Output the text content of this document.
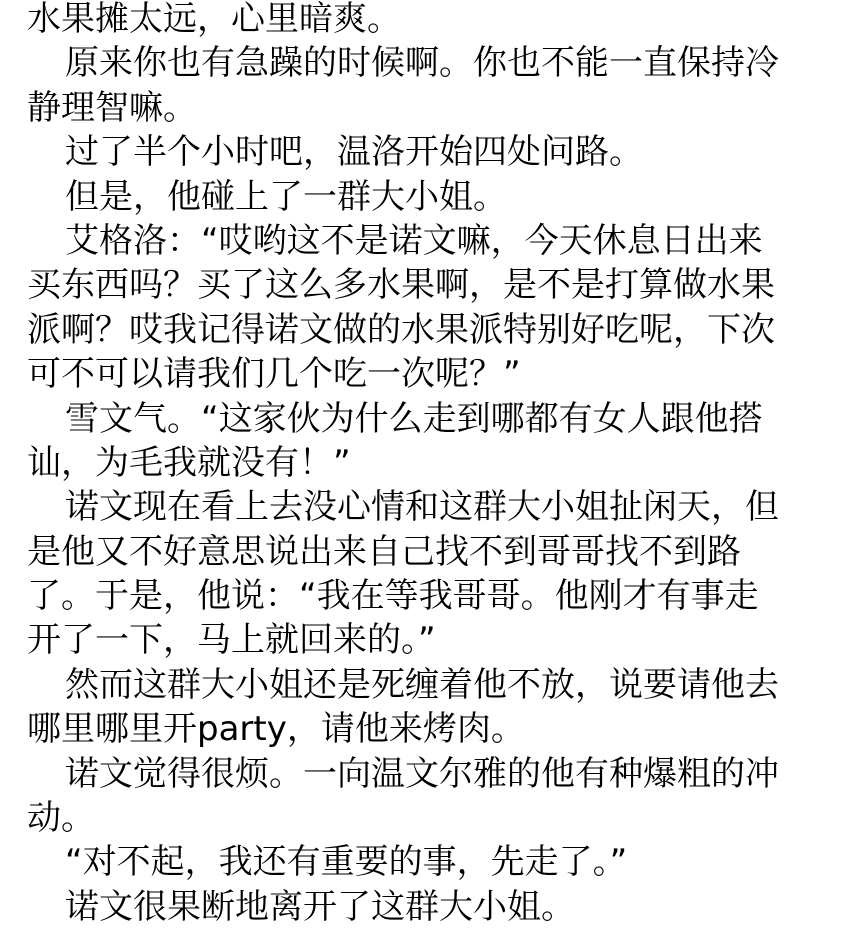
水果摊太远，心里暗爽。
原来你也有急躁的时候啊。你也不能一直保持冷
静理智嘛。
过了半个小时吧，温洛开始四处问路。
但是，他碰上了一群大小姐。
艾格洛：“哎哟这不是诺文嘛，今天休息日出来
买东西吗？买了这么多水果啊，是不是打算做水果
派啊？哎我记得诺文做的水果派特别好吃呢，下次
可不可以请我们几个吃一次呢？”
雪文气。“这家伙为什么走到哪都有女人跟他搭
讪，为毛我就没有！”
诺文现在看上去没心情和这群大小姐扯闲天，但
是他又不好意思说出来自己找不到哥哥找不到路
了。于是，他说：“我在等我哥哥。他刚才有事走
开了一下，马上就回来的。”
然而这群大小姐还是死缠着他不放，说要请他去
哪里哪里开party，请他来烤肉。
诺文觉得很烦。一向温文尔雅的他有种爆粗的冲
动。
“对不起，我还有重要的事，先走了。”
诺文很果断地离开了这群大小姐。
